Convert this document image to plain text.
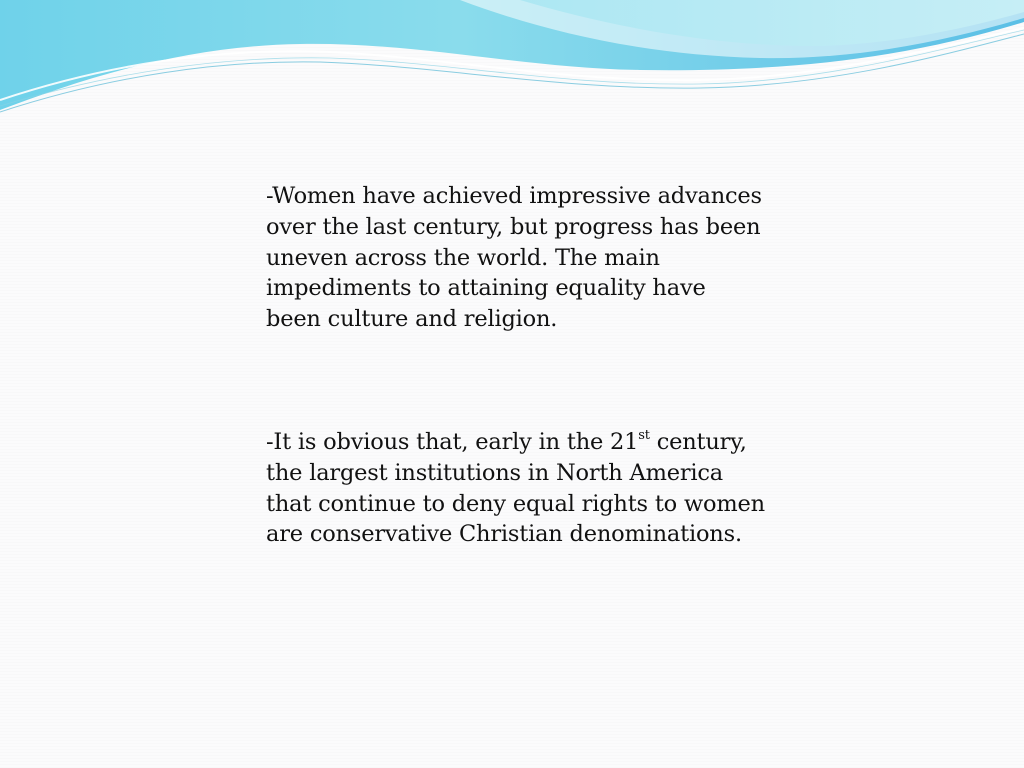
-Women have achieved impressive advances over the last century, but progress has been uneven across the world. The main impediments to attaining equality have been culture and religion.
-It is obvious that, early in the 21st century, the largest institutions in North America that continue to deny equal rights to women are conservative Christian denominations.
